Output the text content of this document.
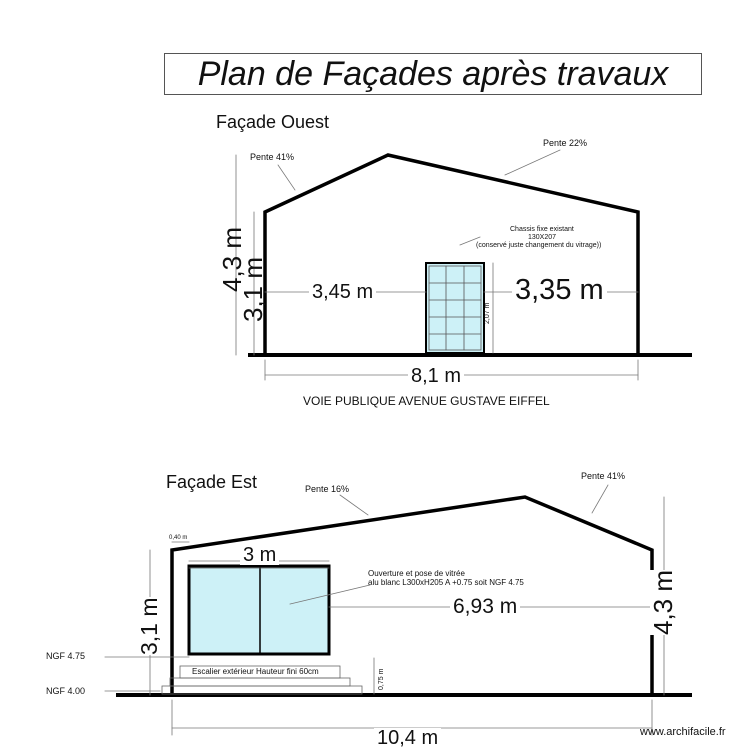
Plan de Façades après travaux
Façade Ouest
Pente 41%
Pente 22%
Chassis fixe existant
130X207
(conservé juste changement du vitrage))
4,3 m
3,1 m 3,45 m	3,35 m
2,07 m
8,1 m
VOIE PUBLIQUE AVENUE GUSTAVE EIFFEL
Façade Est	Pente 16%
Pente 41%
0,40 m
3 m
Ouverture et pose de vitrée
alu blanc L300xH205 A +0.75 soit NGF 4.75
6,93 m
3,1 m	4,3 m
NGF 4.75
NGF 4.00
Escalier extérieur Hauteur fini 60cm	0,75 m
10,4 m	www.archifacile.fr
